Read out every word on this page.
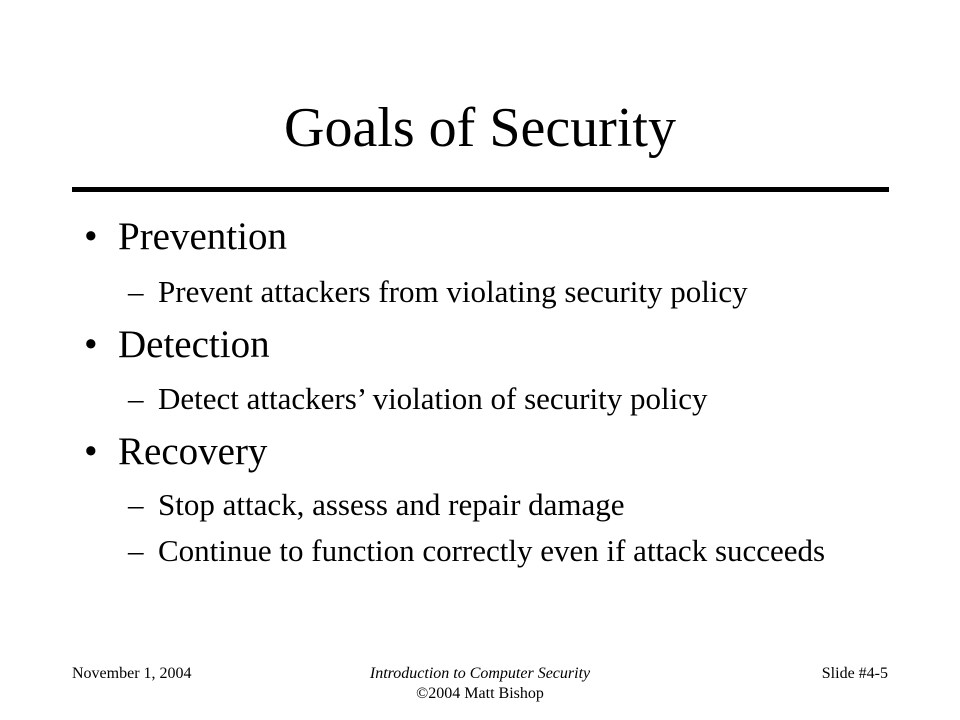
Goals of Security
• Prevention
– Prevent attackers from violating security policy
• Detection
– Detect attackers’ violation of security policy
• Recovery
– Stop attack, assess and repair damage
– Continue to function correctly even if attack succeeds
November 1, 2004	Introduction to Computer Security
©2004 Matt Bishop
Slide #4-5
